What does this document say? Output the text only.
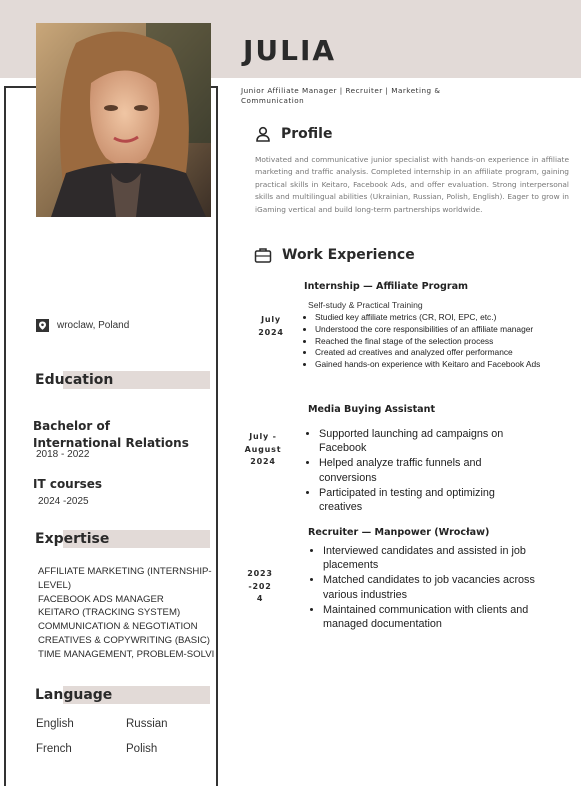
JULIA
Junior Affiliate Manager | Recruiter | Marketing & Communication
Profile
Motivated and communicative junior specialist with hands-on experience in affiliate marketing and traffic analysis. Completed internship in an affiliate program, gaining practical skills in Keitaro, Facebook Ads, and offer evaluation. Strong interpersonal skills and multilingual abilities (Ukrainian, Russian, Polish, English). Eager to grow in iGaming vertical and build long-term partnerships worldwide.
Work Experience
July
2024
Internship — Affiliate Program
Self-study & Practical Training
• Studied key affiliate metrics (CR, ROI, EPC, etc.)
• Understood the core responsibilities of an affiliate manager
• Reached the final stage of the selection process
• Created ad creatives and analyzed offer performance
• Gained hands-on experience with Keitaro and Facebook Ads
July -
August
2024
Media Buying Assistant
• Supported launching ad campaigns on Facebook
• Helped analyze traffic funnels and conversions
• Participated in testing and optimizing creatives
2023
-202
4
Recruiter — Manpower (Wrocław)
• Interviewed candidates and assisted in job placements
• Matched candidates to job vacancies across various industries
• Maintained communication with clients and managed documentation
wroclaw, Poland
Education
Bachelor of
International Relations
2018 - 2022
IT courses
2024 -2025
Expertise
• AFFILIATE MARKETING (INTERNSHIP-LEVEL)
• FACEBOOK ADS MANAGER
• KEITARO (TRACKING SYSTEM)
• COMMUNICATION & NEGOTIATION
• CREATIVES & COPYWRITING (BASIC)
• TIME MANAGEMENT, PROBLEM-SOLVI
Language
English	Russian
French	Polish
